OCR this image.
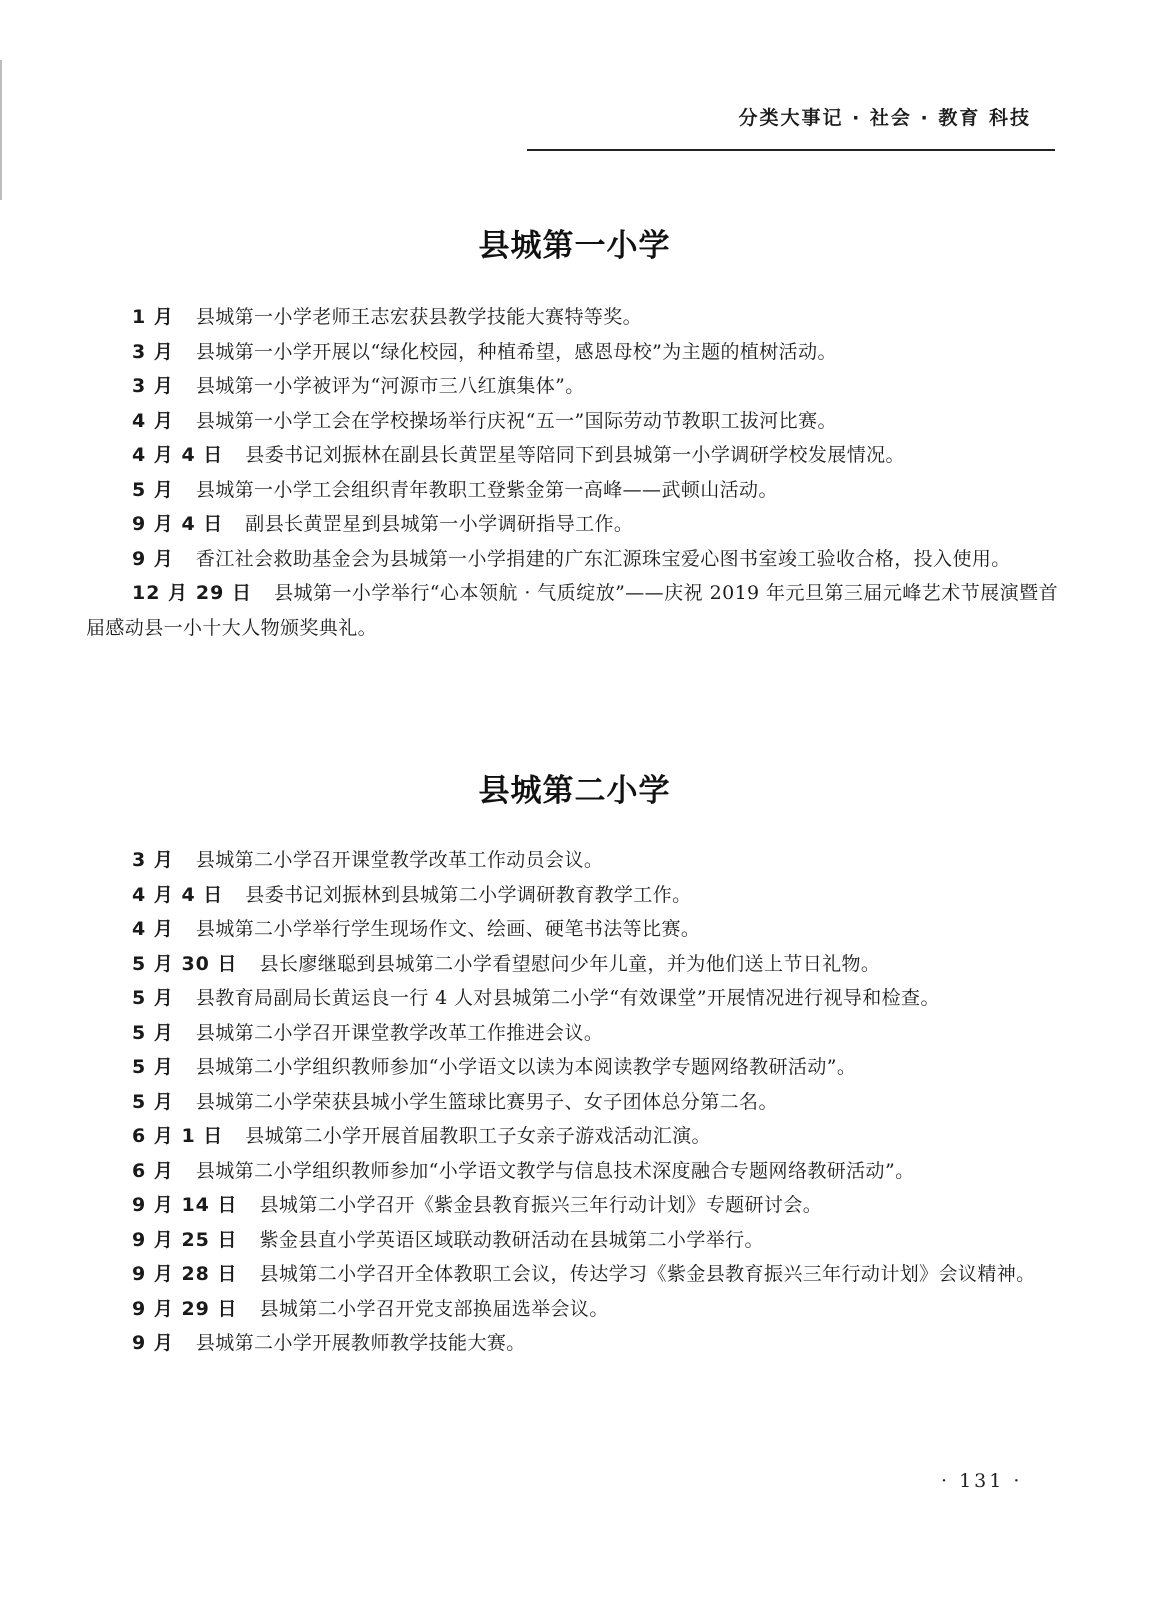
分类大事记 · 社会 · 教育 科技
县城第一小学

1 月 县城第一小学老师王志宏获县教学技能大赛特等奖。

3 月 县城第一小学开展以“绿化校园，种植希望，感恩母校”为主题的植树活动。

3 月 县城第一小学被评为“河源市三八红旗集体”。

4 月 县城第一小学工会在学校操场举行庆祝“五一”国际劳动节教职工拔河比赛。

4 月 4 日 县委书记刘振林在副县长黄罡星等陪同下到县城第一小学调研学校发展情况。

5 月 县城第一小学工会组织青年教职工登紫金第一高峰——武顿山活动。

9 月 4 日 副县长黄罡星到县城第一小学调研指导工作。

9 月 香江社会救助基金会为县城第一小学捐建的广东汇源珠宝爱心图书室竣工验收合格，投入使用。

12 月 29 日 县城第一小学举行“心本领航 · 气质绽放”——庆祝 2019 年元旦第三届元峰艺术节展演暨首届感动县一小十大人物颁奖典礼。

县城第二小学

3 月 县城第二小学召开课堂教学改革工作动员会议。

4 月 4 日 县委书记刘振林到县城第二小学调研教育教学工作。

4 月 县城第二小学举行学生现场作文、绘画、硬笔书法等比赛。

5 月 30 日 县长廖继聪到县城第二小学看望慰问少年儿童，并为他们送上节日礼物。

5 月 县教育局副局长黄运良一行 4 人对县城第二小学“有效课堂”开展情况进行视导和检查。

5 月 县城第二小学召开课堂教学改革工作推进会议。

5 月 县城第二小学组织教师参加“小学语文以读为本阅读教学专题网络教研活动”。

5 月 县城第二小学荣获县城小学生篮球比赛男子、女子团体总分第二名。

6 月 1 日 县城第二小学开展首届教职工子女亲子游戏活动汇演。

6 月 县城第二小学组织教师参加“小学语文教学与信息技术深度融合专题网络教研活动”。

9 月 14 日 县城第二小学召开《紫金县教育振兴三年行动计划》专题研讨会。

9 月 25 日 紫金县直小学英语区域联动教研活动在县城第二小学举行。

9 月 28 日 县城第二小学召开全体教职工会议，传达学习《紫金县教育振兴三年行动计划》会议精神。

9 月 29 日 县城第二小学召开党支部换届选举会议。

9 月 县城第二小学开展教师教学技能大赛。

· 131 ·
